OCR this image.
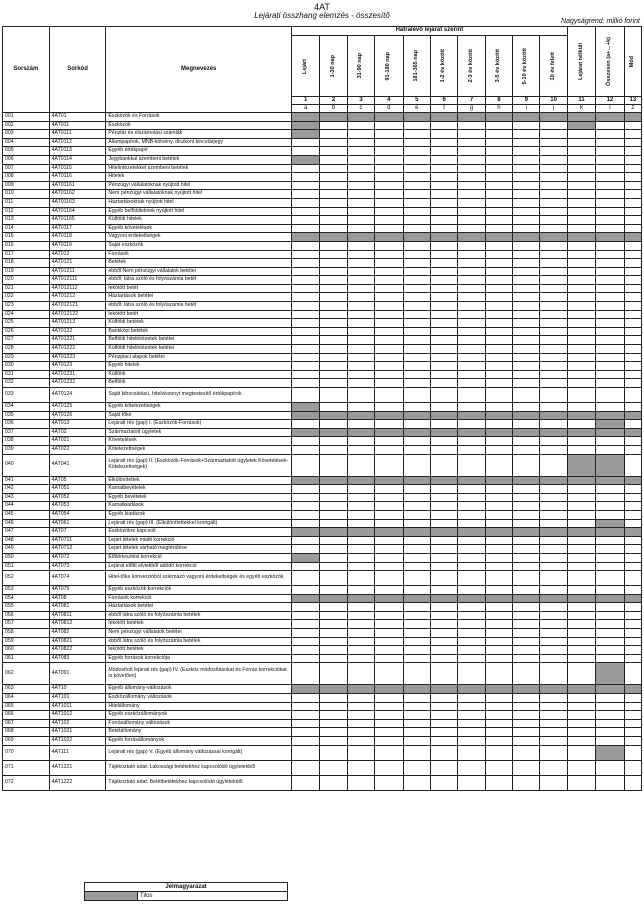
4AT
Lejárati összhang elemzés - összesítő
Nagyságrend: millió forint
Sorszám	Sorkód	Megnevezés	Hátralévő lejárat szerint										Lejárat nélküli	Összesen (a+…+k)	Mód

			Lejárt	1-30 nap	31-90 nap	91-180 nap	181-365 nap	1-2 év között	2-3 év között	3-5 év között	5-10 év között	10 év felett			

			1	2	3	4	5	6	7	8	9	10	11	12	13
			a	b	c	d	e	f	g	h	i	j	k	l	z
001	4AT01	Eszközök és Források													
002	4AT011	Eszközök													
003	4AT0111	Pénztár és elszámolási számlák													
004	4AT0112	Állampapírok, MNB-kötvény, diszkont kincstárjegy													
005	4AT0113	Egyéb értékpapír													
006	4AT0114	Jegybankkal szembeni betétek													
007	4AT0115	Hitelintézetekkel szembeni betétek													
008	4AT0116	Hitelek													
009	4AT01161	Pénzügyi vállalatoknak nyújtott hitel													
010	4AT01162	Nem pénzügyi vállalatoknak nyújtott hitel													
011	4AT01163	Háztartásoknak nyújtott hitel													
012	4AT01164	Egyéb belföldieknek nyújtott hitel													
013	4AT01165	Külföldi hitelek													
014	4AT0117	Egyéb követelések													
015	4AT0118	Vagyoni érdekeltségek													
016	4AT0119	Saját eszközök													
017	4AT012	Források													
018	4AT0121	Betétek													
019	4AT01211	ebből:Nem pénzügyi vállalatok betétei													
020	4AT012111	ebből: látra szóló és folyószámla betét													
021	4AT012112	lekötött betét													
022	4AT01212	Háztartások betétei													
023	4AT012121	ebből: látra szóló és folyószámla betét													
024	4AT012122	lekötött betét													
025	4AT01213	Külföldi betétek													
026	4AT0122	Bankközi betétek													
027	4AT01221	Belföldi hitelintézetek betétei													
028	4AT01222	Külföldi hitelintézetek betétei													
029	4AT01223	Pénzpiaci alapok betétei													
030	4AT0123	Egyéb hitelek													
031	4AT01231	Külföldi													
032	4AT01232	Belföldi													
033	4AT0124	Saját kibocsátású, hitelviszonyt megtestesítő értékpapírok													
034	4AT0125	Egyéb kötelezettségek													
035	4AT0126	Saját tőke													
036	4AT013	Lejárati rés (gap) I. (Eszközök-Források)													
037	4AT02	Származtatott ügyletek													
038	4AT021	Követelések													
039	4AT022	Kötelezettségek													
040	4AT041	Lejárati rés (gap) II. (Eszközök-Források+Származtatott ügyletek Követelések-Kötelezettségek)													
041	4AT05	Elkülönítettek													
042	4AT051	Kamatbevételek													
043	4AT052	Egyéb bevételek													
044	4AT053	Kamatkiadások													
045	4AT054	Egyéb kiadások													
046	4AT061	Lejárati rés (gap) III. (Elkülönítettekkel korrigált)													
047	4AT07	Eszközökre kapcsolt													
048	4AT0711	Lejárt tételek miatti korrekció													
049	4AT0712	Lejárt tételek várható megtérülése													
050	4AT072	Előtörlesztési korrekció													
051	4AT073	Lejárat előtti elviekből adódó korrekció													
052	4AT074	Hitel-tőke konverzióból származó vagyoni érdekeltségek és egyéb eszközök													
053	4AT075	Egyéb eszközök korrekciók													
054	4AT08	Források korrekció													
055	4AT081	Háztartások betétei													
056	4AT0811	ebből látra szóló és folyószámla betétek													
057	4AT0812	lekötött betétek													
058	4AT082	Nem pénzügyi vállalatok betétei													
059	4AT0821	ebből látra szóló és folyószámla betétek													
060	4AT0822	lekötött betétek													
061	4AT083	Egyéb források korrekciója													
062	4AT091	Módosított lejárati rés (gap) IV. (Eszköz módosításokat és Forrás korrekciókat is követően)													
063	4AT10	Egyéb állomány-változások													
064	4AT101	Eszközállomány változások													
065	4AT1011	Hitelállomány													
066	4AT1012	Egyéb eszközállományok													
067	4AT102	Forrásállomány változások													
068	4AT1021	Betétállomány													
069	4AT1022	Egyéb forrásállományok													
070	4AT111	Lejárati rés (gap) V. (Egyéb állomány változással korrigált)													
071	4AT1221	Tájékoztató adat: Lakossági betétekhez kapcsolódó ügyletekből													
072	4AT1222	Tájékoztató adat: Betétbetétekhez kapcsolódó ügyletekből													
Jelmagyarázat
	Tilos
